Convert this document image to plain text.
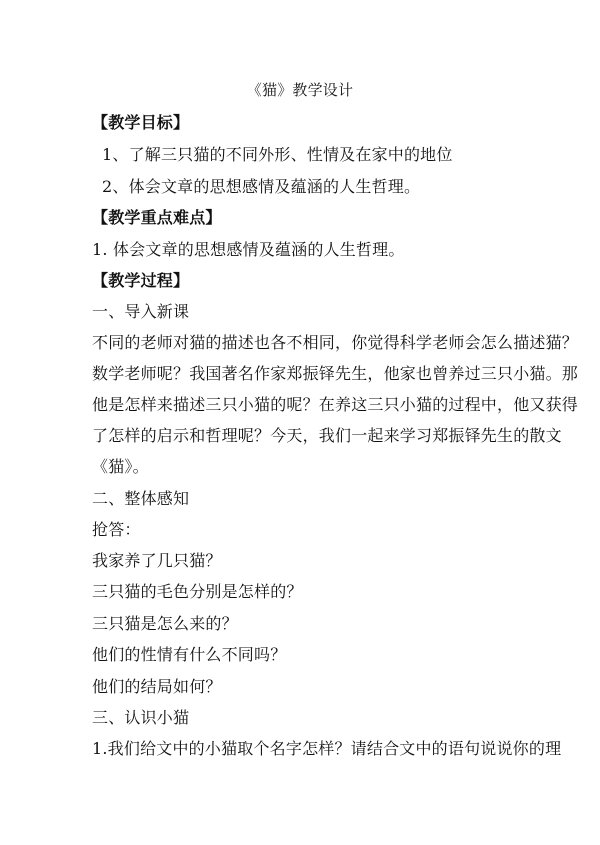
《猫》教学设计
【教学目标】
1、了解三只猫的不同外形、性情及在家中的地位
2、体会文章的思想感情及蕴涵的人生哲理。
【教学重点难点】
1. 体会文章的思想感情及蕴涵的人生哲理。
【教学过程】
一、导入新课
不同的老师对猫的描述也各不相同，你觉得科学老师会怎么描述猫？
数学老师呢？我国著名作家郑振铎先生，他家也曾养过三只小猫。那
他是怎样来描述三只小猫的呢？在养这三只小猫的过程中，他又获得
了怎样的启示和哲理呢？今天，我们一起来学习郑振铎先生的散文
《猫》。
二、整体感知
抢答：
我家养了几只猫？
三只猫的毛色分别是怎样的？
三只猫是怎么来的？
他们的性情有什么不同吗？
他们的结局如何？
三、认识小猫
1.我们给文中的小猫取个名字怎样？请结合文中的语句说说你的理
